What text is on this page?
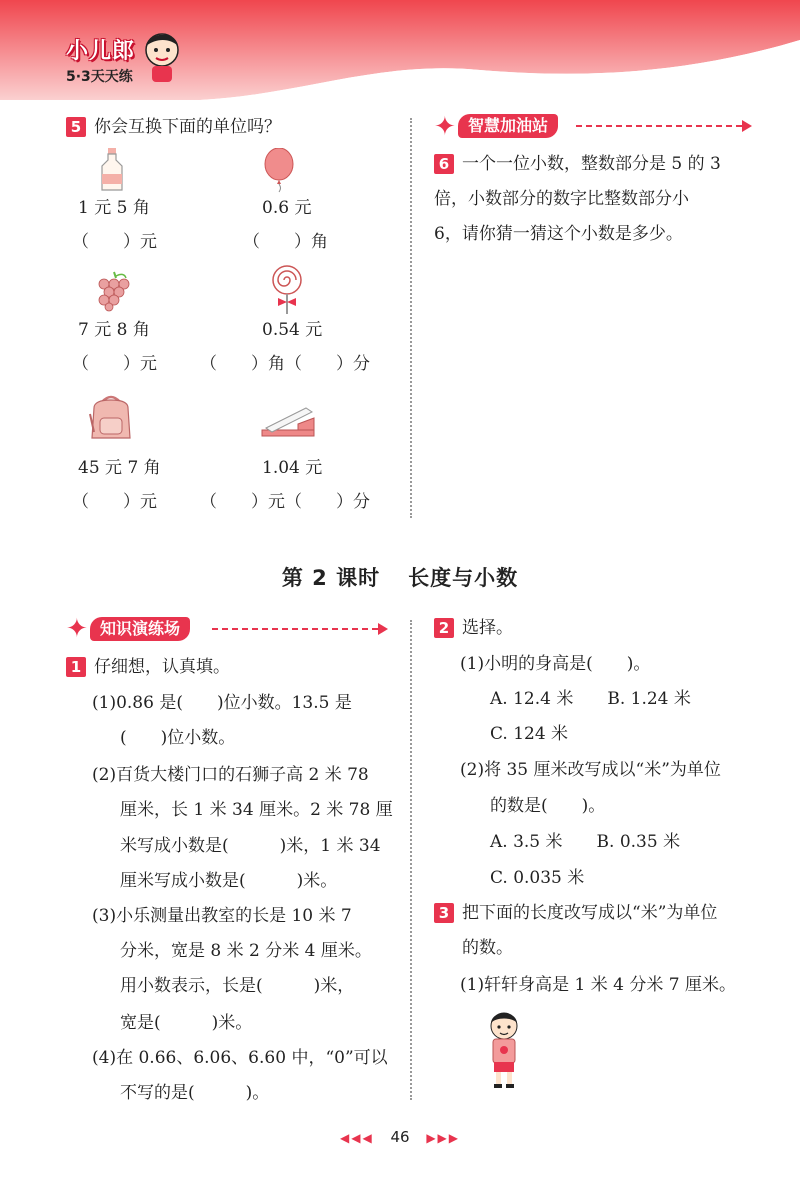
小儿郎
5·3天天练
5 你会互换下面的单位吗？
1 元 5 角
（　　）元
0.6 元
（　　）角
7 元 8 角
（　　）元
0.54 元
（　　）角（　　）分
45 元 7 角
（　　）元
1.04 元
（　　）元（　　）分
✦ 智慧加油站
6 一个一位小数，整数部分是 5 的 3
倍，小数部分的数字比整数部分小
6，请你猜一猜这个小数是多少。
第 2 课时 长度与小数
✦ 知识演练场
1 仔细想，认真填。
(1)0.86 是(　　)位小数。13.5 是
(　　)位小数。
(2)百货大楼门口的石狮子高 2 米 78
厘米，长 1 米 34 厘米。2 米 78 厘
米写成小数是(　　　)米，1 米 34
厘米写成小数是(　　　)米。
(3)小乐测量出教室的长是 10 米 7
分米，宽是 8 米 2 分米 4 厘米。
用小数表示，长是(　　　)米，
宽是(　　　)米。
(4)在 0.66、6.06、6.60 中，“0”可以
不写的是(　　　)。
2 选择。
(1)小明的身高是(　　)。
A. 12.4 米　　B. 1.24 米
C. 124 米
(2)将 35 厘米改写成以“米”为单位
的数是(　　)。
A. 3.5 米　　B. 0.35 米
C. 0.035 米
3 把下面的长度改写成以“米”为单位
的数。
(1)轩轩身高是 1 米 4 分米 7 厘米。
◀◀◀ 46 ▶▶▶
